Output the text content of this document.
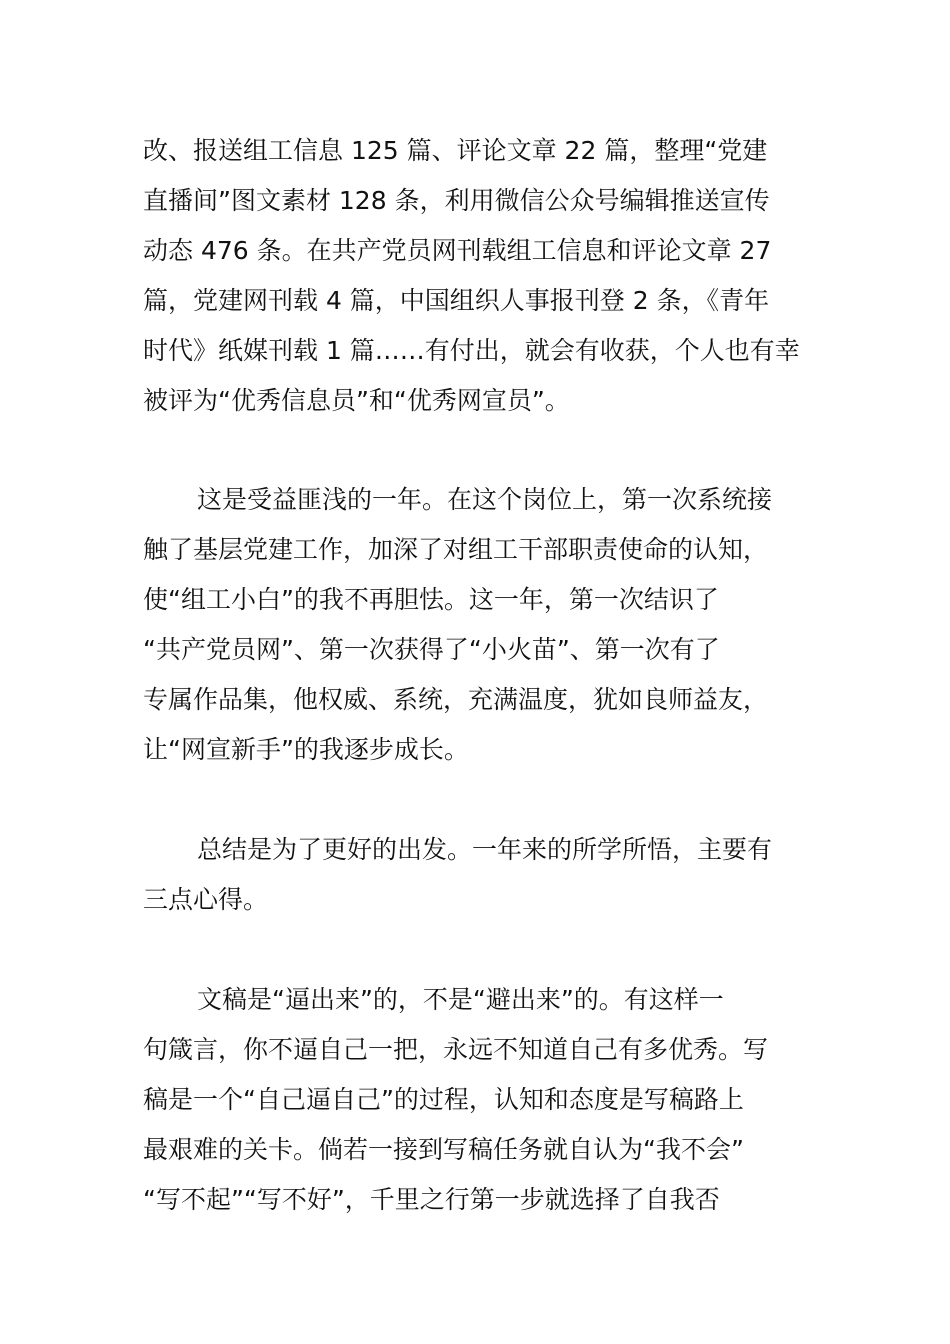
改、报送组工信息 125 篇、评论文章 22 篇，整理“党建
直播间”图文素材 128 条，利用微信公众号编辑推送宣传
动态 476 条。在共产党员网刊载组工信息和评论文章 27
篇，党建网刊载 4 篇，中国组织人事报刊登 2 条，《青年
时代》纸媒刊载 1 篇……有付出，就会有收获，个人也有幸
被评为“优秀信息员”和“优秀网宣员”。
这是受益匪浅的一年。在这个岗位上，第一次系统接
触了基层党建工作，加深了对组工干部职责使命的认知，
使“组工小白”的我不再胆怯。这一年，第一次结识了
“共产党员网”、第一次获得了“小火苗”、第一次有了
专属作品集，他权威、系统，充满温度，犹如良师益友，
让“网宣新手”的我逐步成长。
总结是为了更好的出发。一年来的所学所悟，主要有
三点心得。
文稿是“逼出来”的，不是“避出来”的。有这样一
句箴言，你不逼自己一把，永远不知道自己有多优秀。写
稿是一个“自己逼自己”的过程，认知和态度是写稿路上
最艰难的关卡。倘若一接到写稿任务就自认为“我不会”
“写不起”“写不好”，千里之行第一步就选择了自我否
